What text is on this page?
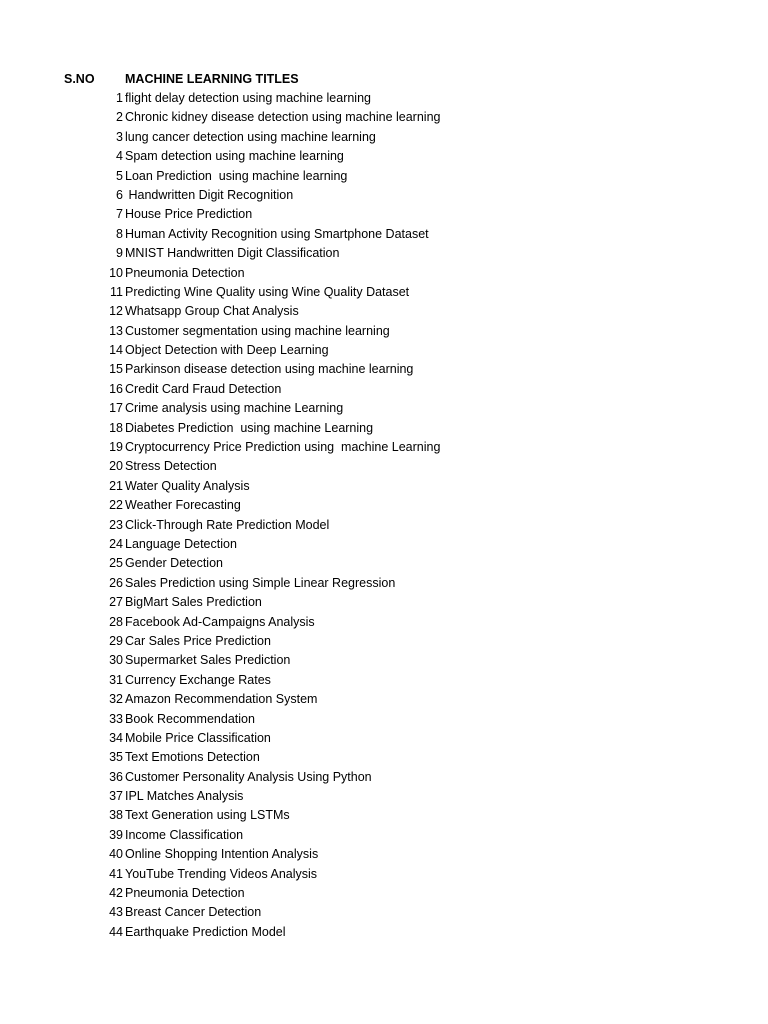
S.NO MACHINE LEARNING TITLES
1 flight delay detection using machine learning
2 Chronic kidney disease detection using machine learning
3 lung cancer detection using machine learning
4 Spam detection using machine learning
5 Loan Prediction  using machine learning
6 Handwritten Digit Recognition
7 House Price Prediction
8 Human Activity Recognition using Smartphone Dataset
9 MNIST Handwritten Digit Classification
10 Pneumonia Detection
11 Predicting Wine Quality using Wine Quality Dataset
12 Whatsapp Group Chat Analysis
13 Customer segmentation using machine learning
14 Object Detection with Deep Learning
15 Parkinson disease detection using machine learning
16 Credit Card Fraud Detection
17 Crime analysis using machine Learning
18 Diabetes Prediction  using machine Learning
19 Cryptocurrency Price Prediction using  machine Learning
20 Stress Detection
21 Water Quality Analysis
22 Weather Forecasting
23 Click-Through Rate Prediction Model
24 Language Detection
25 Gender Detection
26 Sales Prediction using Simple Linear Regression
27 BigMart Sales Prediction
28 Facebook Ad-Campaigns Analysis
29 Car Sales Price Prediction
30 Supermarket Sales Prediction
31 Currency Exchange Rates
32 Amazon Recommendation System
33 Book Recommendation
34 Mobile Price Classification
35 Text Emotions Detection
36 Customer Personality Analysis Using Python
37 IPL Matches Analysis
38 Text Generation using LSTMs
39 Income Classification
40 Online Shopping Intention Analysis
41 YouTube Trending Videos Analysis
42 Pneumonia Detection
43 Breast Cancer Detection
44 Earthquake Prediction Model
